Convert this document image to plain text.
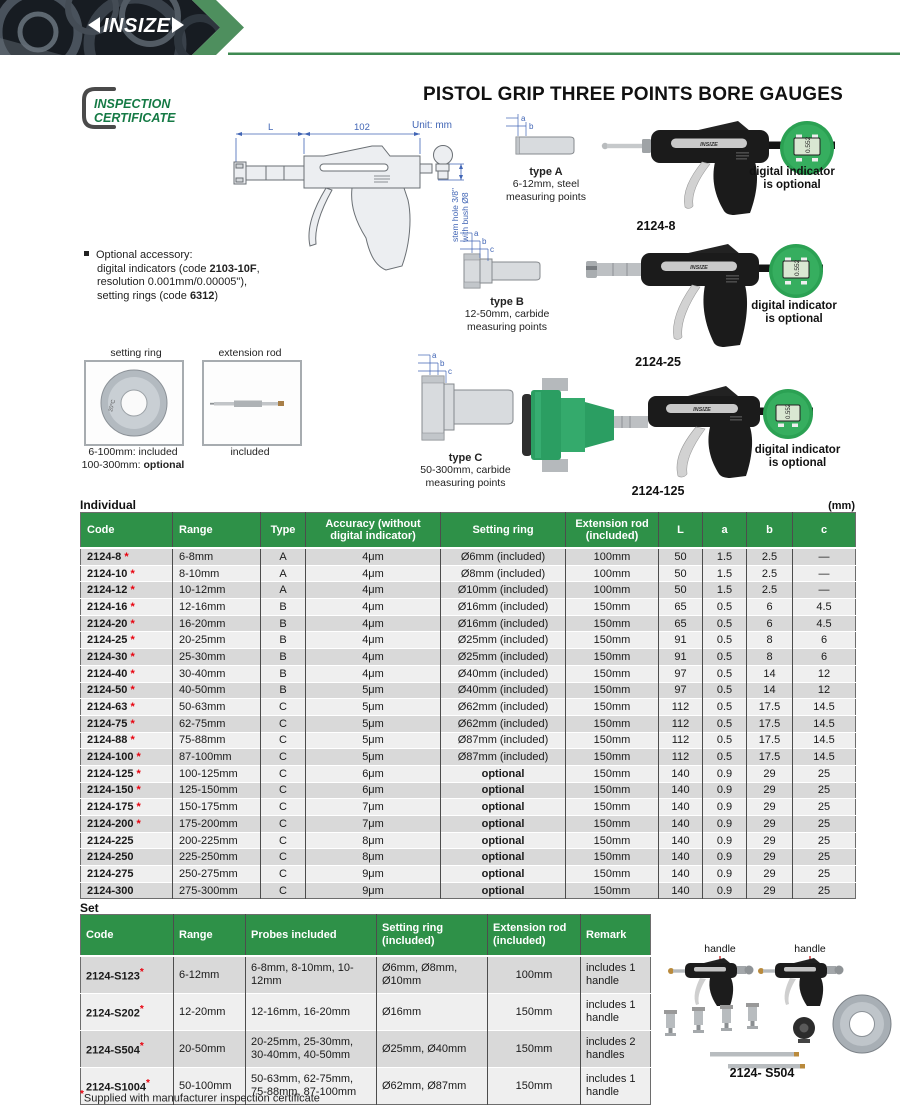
INSIZE
PISTOL GRIP THREE POINTS BORE GAUGES
INSPECTION
CERTIFICATE
Unit: mm
L	102
stem hole 3/8" with bush Ø8
Optional accessory:
digital indicators (code 2103-10F,
resolution 0.001mm/0.00005"),
setting rings (code 6312)
a
b
type A
6-12mm, steel
measuring points
a
b
c
type B
12-50mm, carbide
measuring points
a
b
c
type C
50-300mm, carbide
measuring points
INSIZE	0.552
2124-8
digital indicator
is optional
INSIZE	0.552
2124-25
digital indicator
is optional
INSIZE	0.552
2124-125
digital indicator
is optional
setting ring
20°C
6-100mm: included
100-300mm: optional
extension rod
included
Individual	(mm)
Code	Range	Type	Accuracy (without digital indicator)	Setting ring	Extension rod (included)	L	a	b	c
2124-8 *	6-8mm	A	4μm	Ø6mm (included)	100mm	50	1.5	2.5	—
2124-10 *	8-10mm	A	4μm	Ø8mm (included)	100mm	50	1.5	2.5	—
2124-12 *	10-12mm	A	4μm	Ø10mm (included)	100mm	50	1.5	2.5	—
2124-16 *	12-16mm	B	4μm	Ø16mm (included)	150mm	65	0.5	6	4.5
2124-20 *	16-20mm	B	4μm	Ø16mm (included)	150mm	65	0.5	6	4.5
2124-25 *	20-25mm	B	4μm	Ø25mm (included)	150mm	91	0.5	8	6
2124-30 *	25-30mm	B	4μm	Ø25mm (included)	150mm	91	0.5	8	6
2124-40 *	30-40mm	B	4μm	Ø40mm (included)	150mm	97	0.5	14	12
2124-50 *	40-50mm	B	5μm	Ø40mm (included)	150mm	97	0.5	14	12
2124-63 *	50-63mm	C	5μm	Ø62mm (included)	150mm	112	0.5	17.5	14.5
2124-75 *	62-75mm	C	5μm	Ø62mm (included)	150mm	112	0.5	17.5	14.5
2124-88 *	75-88mm	C	5μm	Ø87mm (included)	150mm	112	0.5	17.5	14.5
2124-100 *	87-100mm	C	5μm	Ø87mm (included)	150mm	112	0.5	17.5	14.5
2124-125 *	100-125mm	C	6μm	optional	150mm	140	0.9	29	25
2124-150 *	125-150mm	C	6μm	optional	150mm	140	0.9	29	25
2124-175 *	150-175mm	C	7μm	optional	150mm	140	0.9	29	25
2124-200 *	175-200mm	C	7μm	optional	150mm	140	0.9	29	25
2124-225	200-225mm	C	8μm	optional	150mm	140	0.9	29	25
2124-250	225-250mm	C	8μm	optional	150mm	140	0.9	29	25
2124-275	250-275mm	C	9μm	optional	150mm	140	0.9	29	25
2124-300	275-300mm	C	9μm	optional	150mm	140	0.9	29	25
Set
Code	Range	Probes included	Setting ring (included)	Extension rod (included)	Remark
2124-S123*	6-12mm	6-8mm, 8-10mm, 10-12mm	Ø6mm, Ø8mm, Ø10mm	100mm	includes 1 handle
2124-S202*	12-20mm	12-16mm, 16-20mm	Ø16mm	150mm	includes 1 handle
2124-S504*	20-50mm	20-25mm, 25-30mm, 30-40mm, 40-50mm	Ø25mm, Ø40mm	150mm	includes 2 handles
2124-S1004*	50-100mm	50-63mm, 62-75mm, 75-88mm, 87-100mm	Ø62mm, Ø87mm	150mm	includes 1 handle
handle	handle
2124- S504
*Supplied with manufacturer inspection certificate
